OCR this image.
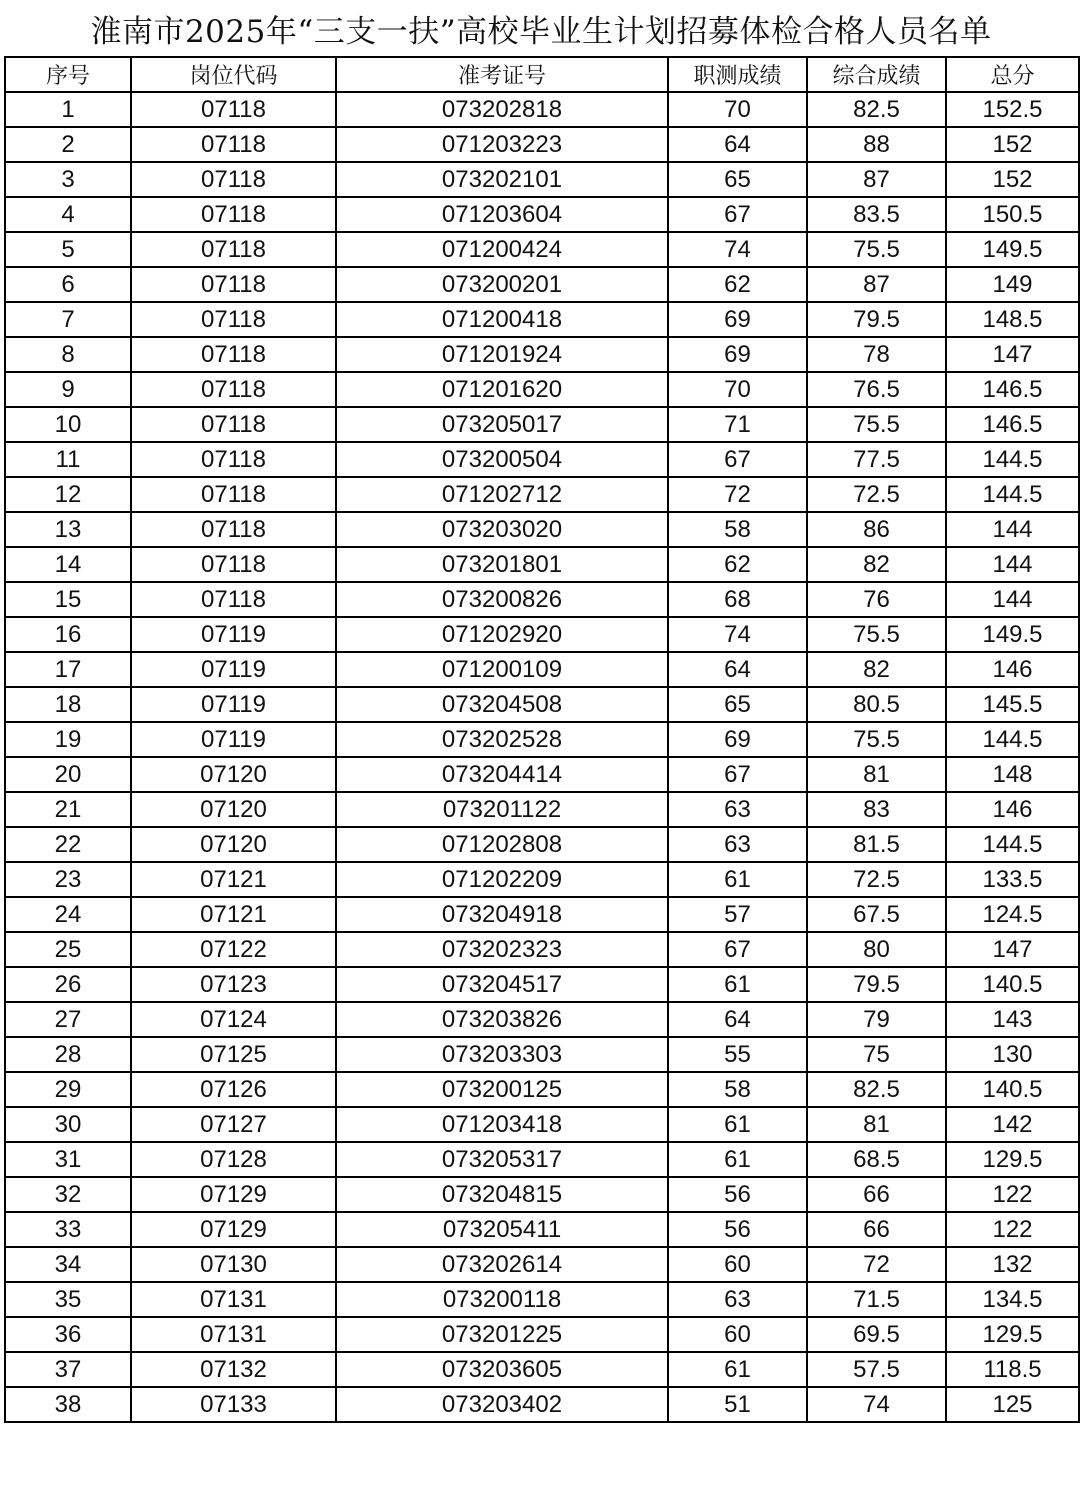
淮南市2025年“三支一扶”高校毕业生计划招募体检合格人员名单
序号	岗位代码	准考证号	职测成绩	综合成绩	总分
1	07118	073202818	70	82.5	152.5
2	07118	071203223	64	88	152
3	07118	073202101	65	87	152
4	07118	071203604	67	83.5	150.5
5	07118	071200424	74	75.5	149.5
6	07118	073200201	62	87	149
7	07118	071200418	69	79.5	148.5
8	07118	071201924	69	78	147
9	07118	071201620	70	76.5	146.5
10	07118	073205017	71	75.5	146.5
11	07118	073200504	67	77.5	144.5
12	07118	071202712	72	72.5	144.5
13	07118	073203020	58	86	144
14	07118	073201801	62	82	144
15	07118	073200826	68	76	144
16	07119	071202920	74	75.5	149.5
17	07119	071200109	64	82	146
18	07119	073204508	65	80.5	145.5
19	07119	073202528	69	75.5	144.5
20	07120	073204414	67	81	148
21	07120	073201122	63	83	146
22	07120	071202808	63	81.5	144.5
23	07121	071202209	61	72.5	133.5
24	07121	073204918	57	67.5	124.5
25	07122	073202323	67	80	147
26	07123	073204517	61	79.5	140.5
27	07124	073203826	64	79	143
28	07125	073203303	55	75	130
29	07126	073200125	58	82.5	140.5
30	07127	071203418	61	81	142
31	07128	073205317	61	68.5	129.5
32	07129	073204815	56	66	122
33	07129	073205411	56	66	122
34	07130	073202614	60	72	132
35	07131	073200118	63	71.5	134.5
36	07131	073201225	60	69.5	129.5
37	07132	073203605	61	57.5	118.5
38	07133	073203402	51	74	125
